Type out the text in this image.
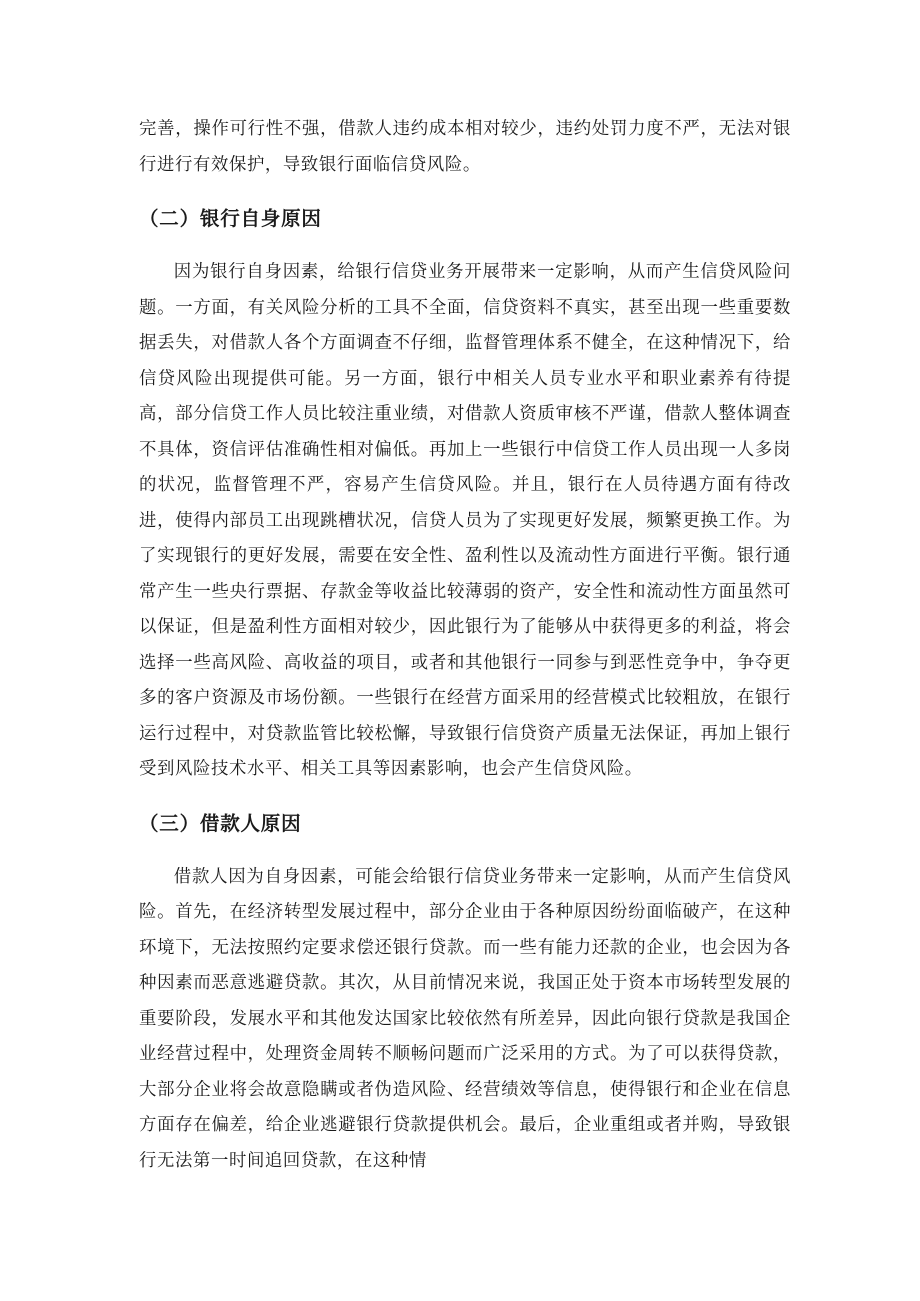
完善，操作可行性不强，借款人违约成本相对较少，违约处罚力度不严，无法对银行进行有效保护，导致银行面临信贷风险。

（二）银行自身原因

因为银行自身因素，给银行信贷业务开展带来一定影响，从而产生信贷风险问题。一方面，有关风险分析的工具不全面，信贷资料不真实，甚至出现一些重要数据丢失，对借款人各个方面调查不仔细，监督管理体系不健全，在这种情况下，给信贷风险出现提供可能。另一方面，银行中相关人员专业水平和职业素养有待提高，部分信贷工作人员比较注重业绩，对借款人资质审核不严谨，借款人整体调查不具体，资信评估准确性相对偏低。再加上一些银行中信贷工作人员出现一人多岗的状况，监督管理不严，容易产生信贷风险。并且，银行在人员待遇方面有待改进，使得内部员工出现跳槽状况，信贷人员为了实现更好发展，频繁更换工作。为了实现银行的更好发展，需要在安全性、盈利性以及流动性方面进行平衡。银行通常产生一些央行票据、存款金等收益比较薄弱的资产，安全性和流动性方面虽然可以保证，但是盈利性方面相对较少，因此银行为了能够从中获得更多的利益，将会选择一些高风险、高收益的项目，或者和其他银行一同参与到恶性竞争中，争夺更多的客户资源及市场份额。一些银行在经营方面采用的经营模式比较粗放，在银行运行过程中，对贷款监管比较松懈，导致银行信贷资产质量无法保证，再加上银行受到风险技术水平、相关工具等因素影响，也会产生信贷风险。

（三）借款人原因

借款人因为自身因素，可能会给银行信贷业务带来一定影响，从而产生信贷风险。首先，在经济转型发展过程中，部分企业由于各种原因纷纷面临破产，在这种环境下，无法按照约定要求偿还银行贷款。而一些有能力还款的企业，也会因为各种因素而恶意逃避贷款。其次，从目前情况来说，我国正处于资本市场转型发展的重要阶段，发展水平和其他发达国家比较依然有所差异，因此向银行贷款是我国企业经营过程中，处理资金周转不顺畅问题而广泛采用的方式。为了可以获得贷款，大部分企业将会故意隐瞒或者伪造风险、经营绩效等信息，使得银行和企业在信息方面存在偏差，给企业逃避银行贷款提供机会。最后，企业重组或者并购，导致银行无法第一时间追回贷款，在这种情
